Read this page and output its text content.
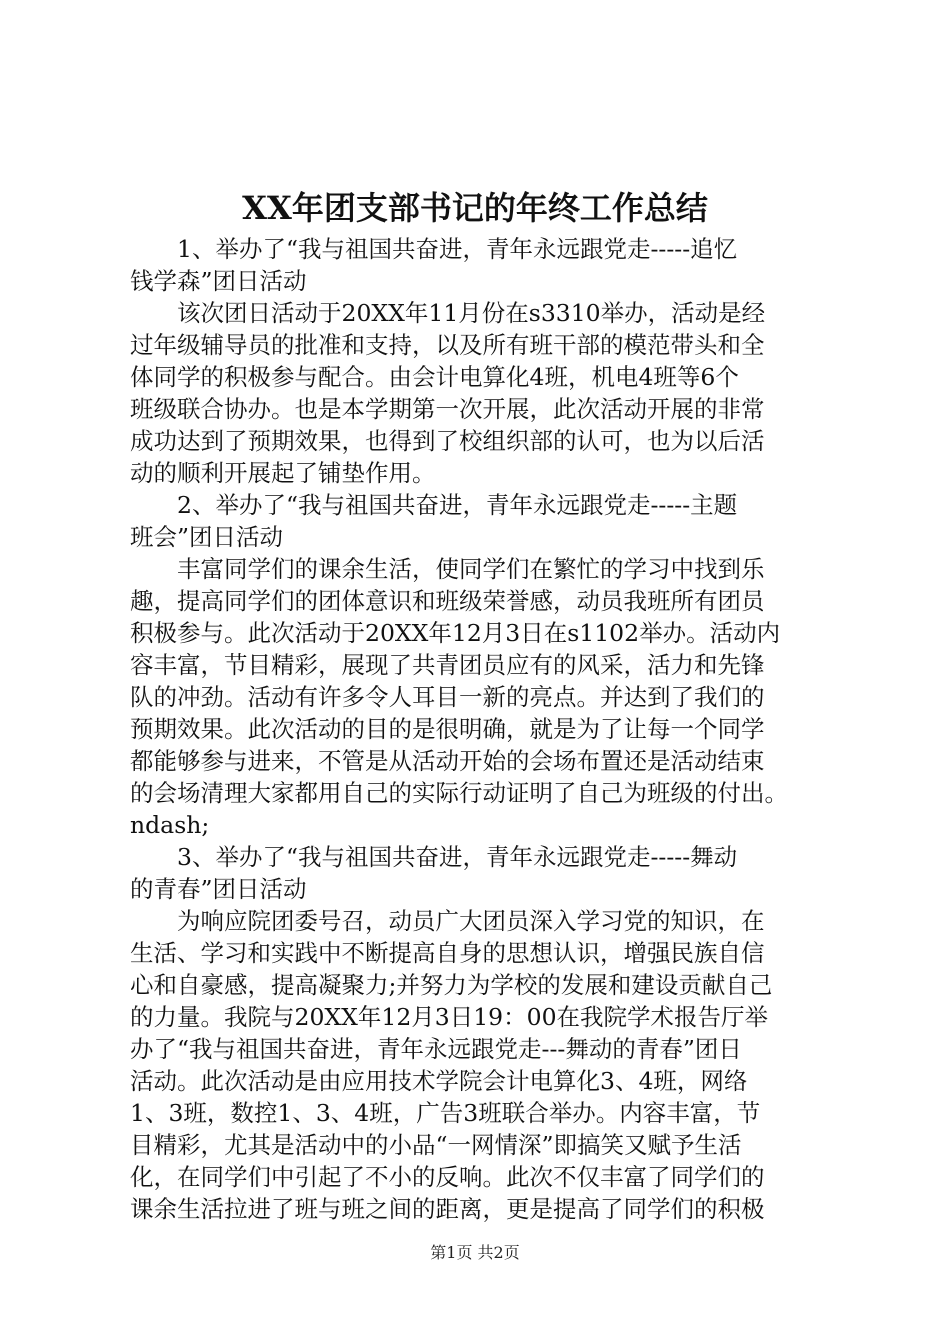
XX年团支部书记的年终工作总结
　　1、举办了“我与祖国共奋进，青年永远跟党走-----追忆
钱学森”团日活动
　　该次团日活动于20XX年11月份在s3310举办，活动是经
过年级辅导员的批准和支持，以及所有班干部的模范带头和全
体同学的积极参与配合。由会计电算化4班，机电4班等6个
班级联合协办。也是本学期第一次开展，此次活动开展的非常
成功达到了预期效果，也得到了校组织部的认可，也为以后活
动的顺利开展起了铺垫作用。
　　2、举办了“我与祖国共奋进，青年永远跟党走-----主题
班会”团日活动
　　丰富同学们的课余生活，使同学们在繁忙的学习中找到乐
趣，提高同学们的团体意识和班级荣誉感，动员我班所有团员
积极参与。此次活动于20XX年12月3日在s1102举办。活动内
容丰富，节目精彩，展现了共青团员应有的风采，活力和先锋
队的冲劲。活动有许多令人耳目一新的亮点。并达到了我们的
预期效果。此次活动的目的是很明确，就是为了让每一个同学
都能够参与进来，不管是从活动开始的会场布置还是活动结束
的会场清理大家都用自己的实际行动证明了自己为班级的付出。
ndash;
　　3、举办了“我与祖国共奋进，青年永远跟党走-----舞动
的青春”团日活动
　　为响应院团委号召，动员广大团员深入学习党的知识，在
生活、学习和实践中不断提高自身的思想认识，增强民族自信
心和自豪感，提高凝聚力;并努力为学校的发展和建设贡献自己
的力量。我院与20XX年12月3日19：00在我院学术报告厅举
办了“我与祖国共奋进，青年永远跟党走---舞动的青春”团日
活动。此次活动是由应用技术学院会计电算化3、4班，网络
1、3班，数控1、3、4班，广告3班联合举办。内容丰富，节
目精彩，尤其是活动中的小品“一网情深”即搞笑又赋予生活
化，在同学们中引起了不小的反响。此次不仅丰富了同学们的
课余生活拉进了班与班之间的距离，更是提高了同学们的积极
第1页 共2页
